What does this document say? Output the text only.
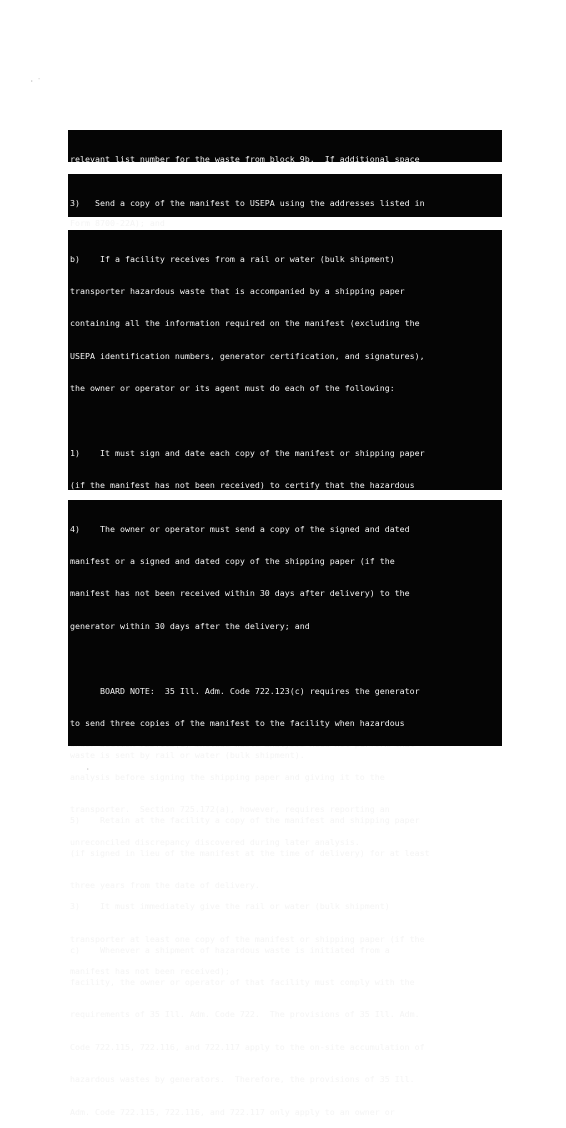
· ˙

relevant list number for the waste from block 9b.  If additional space

Form 8700-22A); and

3)   Send a copy of the manifest to USEPA using the addresses listed in

b)    If a facility receives from a rail or water (bulk shipment)

transporter hazardous waste that is accompanied by a shipping paper

containing all the information required on the manifest (excluding the

USEPA identification numbers, generator certification, and signatures),

the owner or operator or its agent must do each of the following:

1)    It must sign and date each copy of the manifest or shipping paper

(if the manifest has not been received) to certify that the hazardous

analysis before signing the shipping paper and giving it to the

transporter.  Section 725.172(a), however, requires reporting an

unreconciled discrepancy discovered during later analysis.

3)    It must immediately give the rail or water (bulk shipment)

transporter at least one copy of the manifest or shipping paper (if the

manifest has not been received);

4)    The owner or operator must send a copy of the signed and dated

manifest or a signed and dated copy of the shipping paper (if the

manifest has not been received within 30 days after delivery) to the

generator within 30 days after the delivery; and

BOARD NOTE:  35 Ill. Adm. Code 722.123(c) requires the generator

to send three copies of the manifest to the facility when hazardous

waste is sent by rail or water (bulk shipment).

5)    Retain at the facility a copy of the manifest and shipping paper

(if signed in lieu of the manifest at the time of delivery) for at least

three years from the date of delivery.

c)    Whenever a shipment of hazardous waste is initiated from a

facility, the owner or operator of that facility must comply with the

requirements of 35 Ill. Adm. Code 722.  The provisions of 35 Ill. Adm.

Code 722.115, 722.116, and 722.117 apply to the on-site accumulation of

hazardous wastes by generators.  Therefore, the provisions of 35 Ill.

Adm. Code 722.115, 722.116, and 722.117 only apply to an owner or

·
